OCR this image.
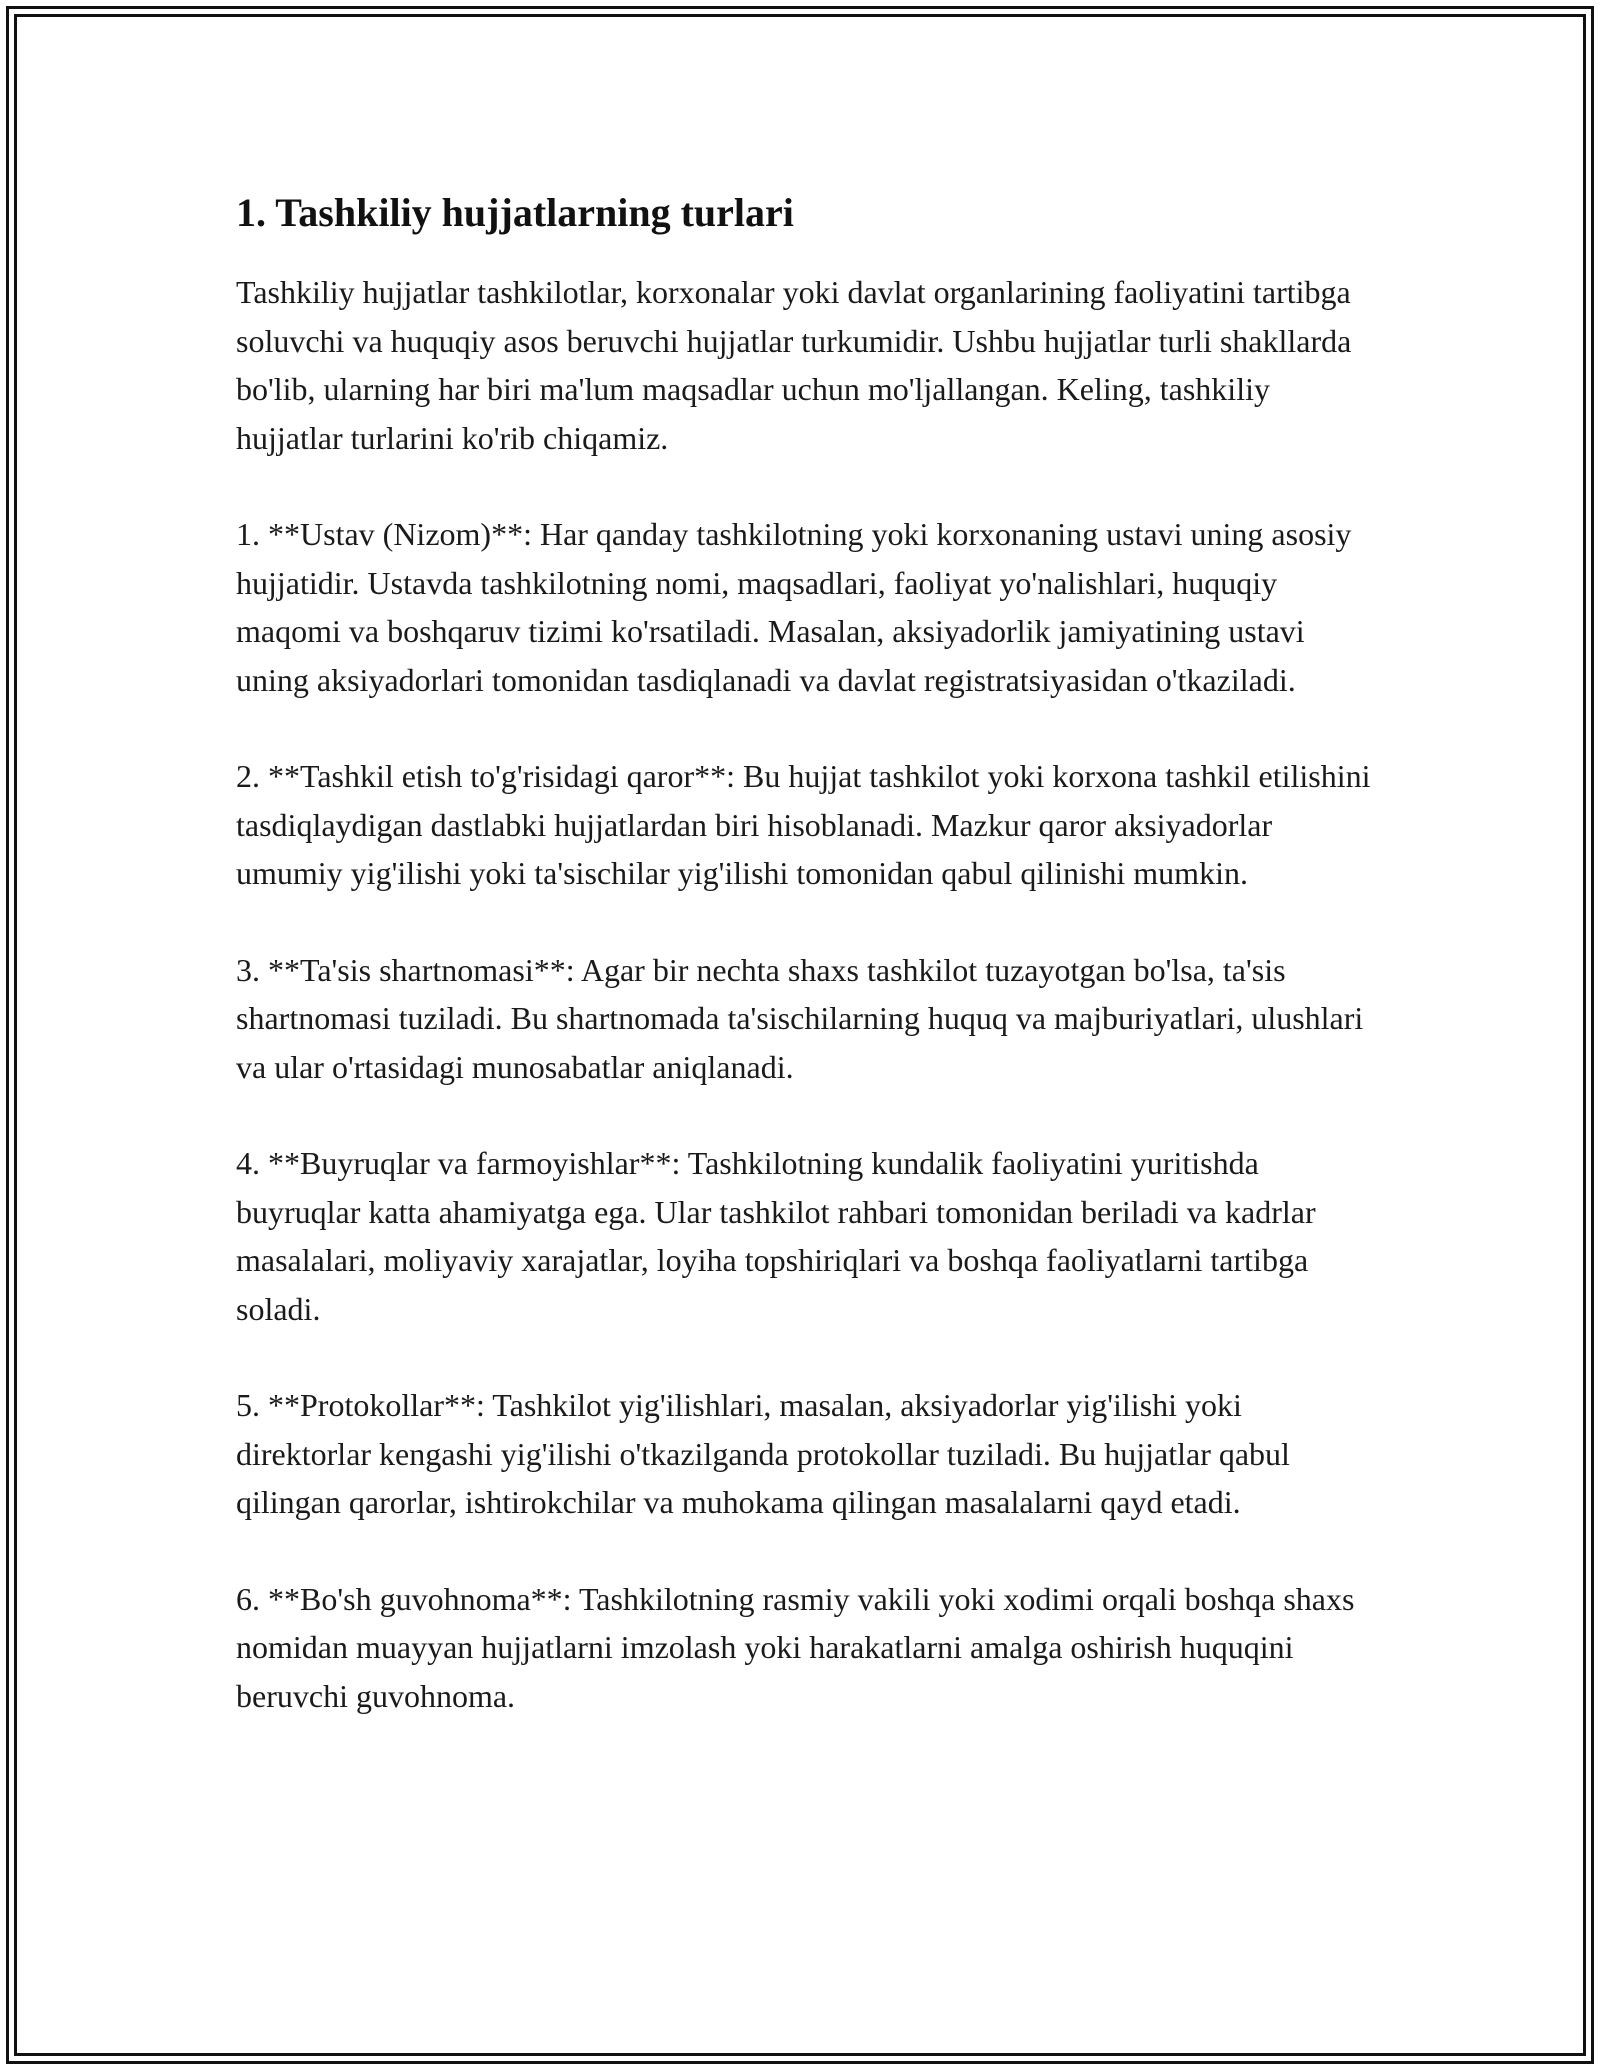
1. Tashkiliy hujjatlarning turlari

Tashkiliy hujjatlar tashkilotlar, korxonalar yoki davlat organlarining faoliyatini tartibga soluvchi va huquqiy asos beruvchi hujjatlar turkumidir. Ushbu hujjatlar turli shakllarda bo'lib, ularning har biri ma'lum maqsadlar uchun mo'ljallangan. Keling, tashkiliy hujjatlar turlarini ko'rib chiqamiz.

1. **Ustav (Nizom)**: Har qanday tashkilotning yoki korxonaning ustavi uning asosiy hujjatidir. Ustavda tashkilotning nomi, maqsadlari, faoliyat yo'nalishlari, huquqiy maqomi va boshqaruv tizimi ko'rsatiladi. Masalan, aksiyadorlik jamiyatining ustavi uning aksiyadorlari tomonidan tasdiqlanadi va davlat registratsiyasidan o'tkaziladi.

2. **Tashkil etish to'g'risidagi qaror**: Bu hujjat tashkilot yoki korxona tashkil etilishini tasdiqlaydigan dastlabki hujjatlardan biri hisoblanadi. Mazkur qaror aksiyadorlar umumiy yig'ilishi yoki ta'sischilar yig'ilishi tomonidan qabul qilinishi mumkin.

3. **Ta'sis shartnomasi**: Agar bir nechta shaxs tashkilot tuzayotgan bo'lsa, ta'sis shartnomasi tuziladi. Bu shartnomada ta'sischilarning huquq va majburiyatlari, ulushlari va ular o'rtasidagi munosabatlar aniqlanadi.

4. **Buyruqlar va farmoyishlar**: Tashkilotning kundalik faoliyatini yuritishda buyruqlar katta ahamiyatga ega. Ular tashkilot rahbari tomonidan beriladi va kadrlar masalalari, moliyaviy xarajatlar, loyiha topshiriqlari va boshqa faoliyatlarni tartibga soladi.

5. **Protokollar**: Tashkilot yig'ilishlari, masalan, aksiyadorlar yig'ilishi yoki direktorlar kengashi yig'ilishi o'tkazilganda protokollar tuziladi. Bu hujjatlar qabul qilingan qarorlar, ishtirokchilar va muhokama qilingan masalalarni qayd etadi.

6. **Bo'sh guvohnoma**: Tashkilotning rasmiy vakili yoki xodimi orqali boshqa shaxs nomidan muayyan hujjatlarni imzolash yoki harakatlarni amalga oshirish huquqini beruvchi guvohnoma.
